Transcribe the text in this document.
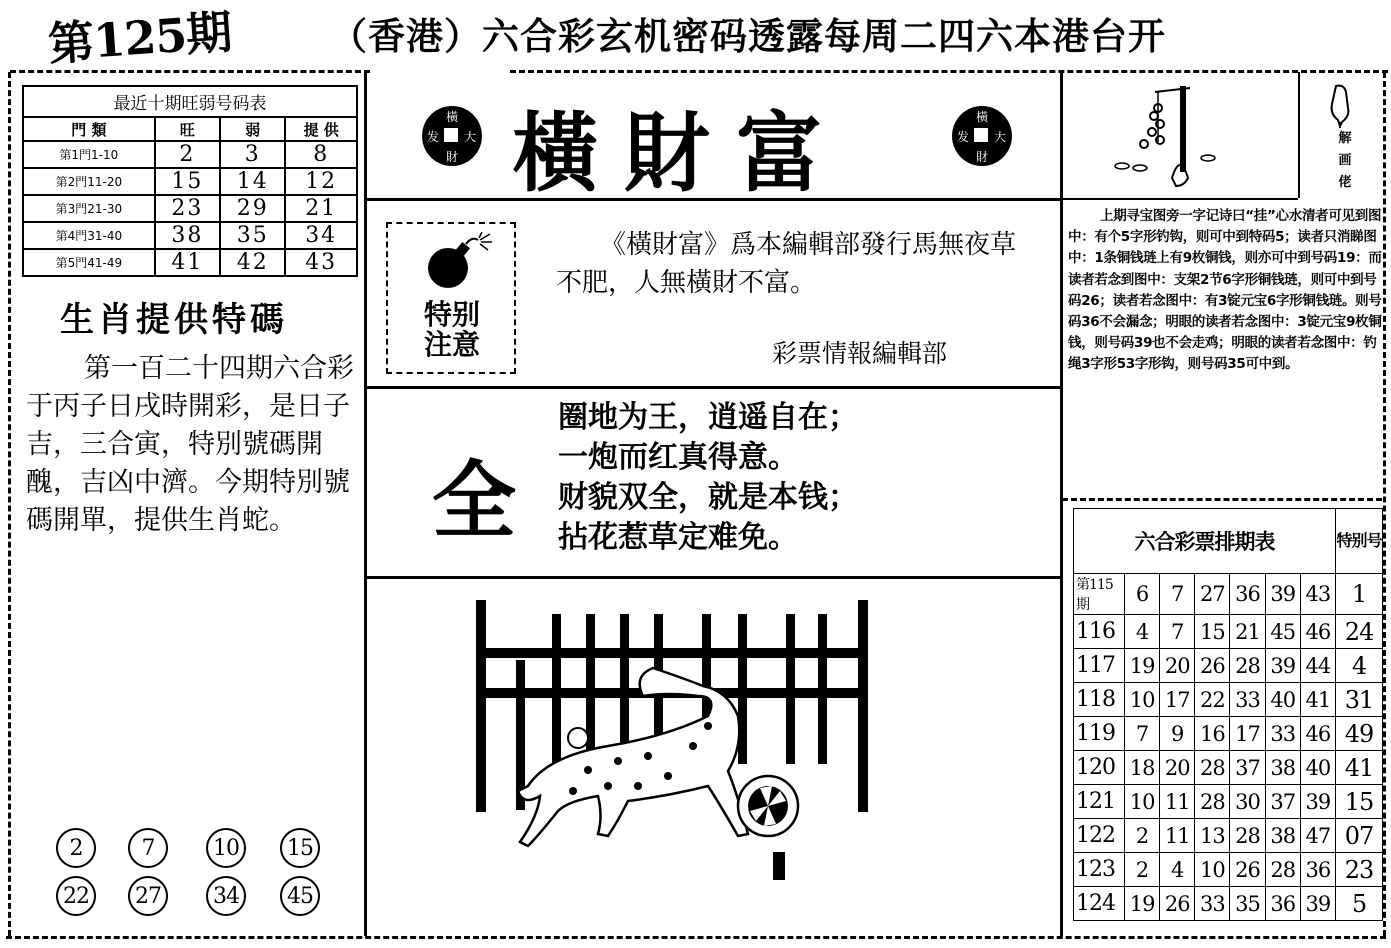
第125期	（香港）六合彩玄机密码透露每周二四六本港台开
最近十期旺弱号码表
門 類	旺	弱	提 供
第1門1-10	2	3	8
第2門11-20	15	14	12
第3門21-30	23	29	21
第4門31-40	38	35	34
第5門41-49	41	42	43
生肖提供特碼
第一百二十四期六合彩于丙子日戌時開彩，是日子吉，三合寅，特別號碼開醜，吉凶中濟。今期特別號碼開單，提供生肖蛇。
2	7	10	15
22	27	34	45
橫
大
財
发 橫財富	橫
大
財
发
特别
注意
《橫財富》爲本編輯部發行馬無夜草不肥，人無橫財不富。
彩票情報編輯部
全
圈地为王，逍遥自在；
一炮而红真得意。
财貌双全，就是本钱；
拈花惹草定难免。
解
画
佬
上期寻宝图旁一字记诗曰“挂”心水清者可见到图中：有个5字形钓钩，则可中到特码5；读者只消睇图中：1条铜钱琏上有9枚铜钱，则亦可中到号码19：而读者若念到图中：支架2节6字形铜钱琏，则可中到号码26；读者若念图中：有3锭元宝6字形铜钱琏。则号码36不会漏念；明眼的读者若念图中：3锭元宝9枚铜钱，则号码39也不会走鸡；明眼的读者若念图中：钓绳3字形53字形钩，则号码35可中到。
六合彩票排期表							特别号
第115期	6	7	27	36	39	43	1
116	4	7	15	21	45	46	24
117	19	20	26	28	39	44	4
118	10	17	22	33	40	41	31
119	7	9	16	17	33	46	49
120	18	20	28	37	38	40	41
121	10	11	28	30	37	39	15
122	2	11	13	28	38	47	07
123	2	4	10	26	28	36	23
124	19	26	33	35	36	39	5
